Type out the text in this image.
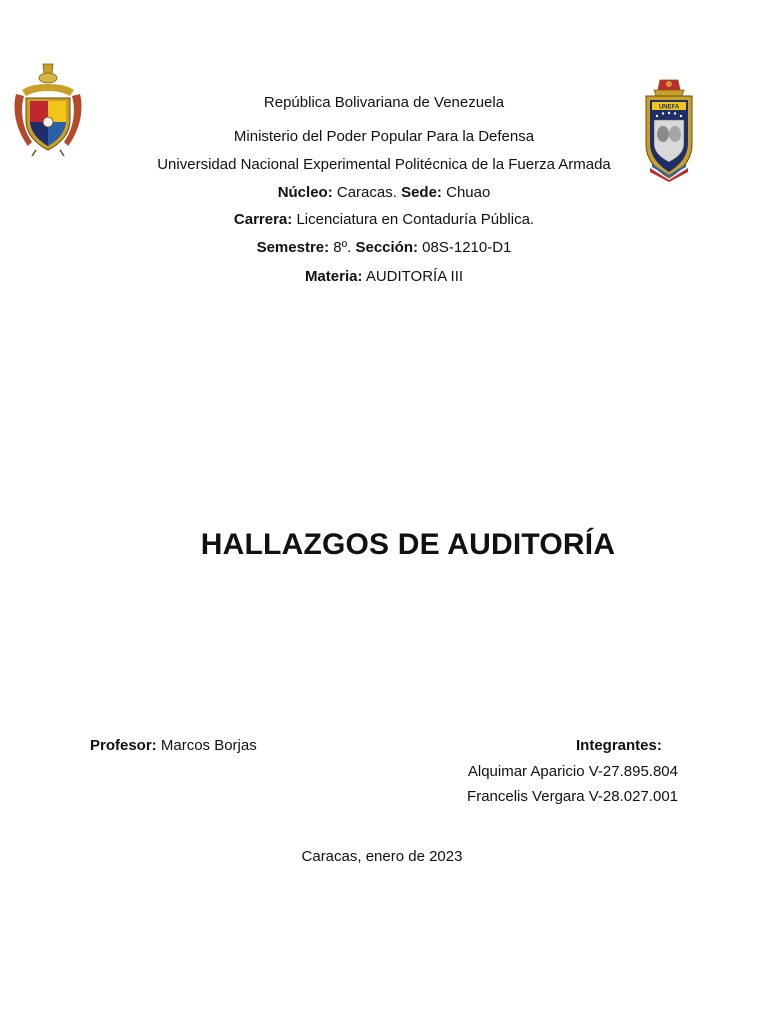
UNEFA
República Bolivariana de Venezuela
Ministerio del Poder Popular Para la Defensa
Universidad Nacional Experimental Politécnica de la Fuerza Armada
Núcleo: Caracas. Sede: Chuao
Carrera: Licenciatura en Contaduría Pública.
Semestre: 8º. Sección: 08S-1210-D1
Materia: AUDITORÍA III
HALLAZGOS DE AUDITORÍA
Profesor: Marcos Borjas	Integrantes:
Alquimar Aparicio V-27.895.804
Francelis Vergara V-28.027.001
Caracas, enero de 2023
